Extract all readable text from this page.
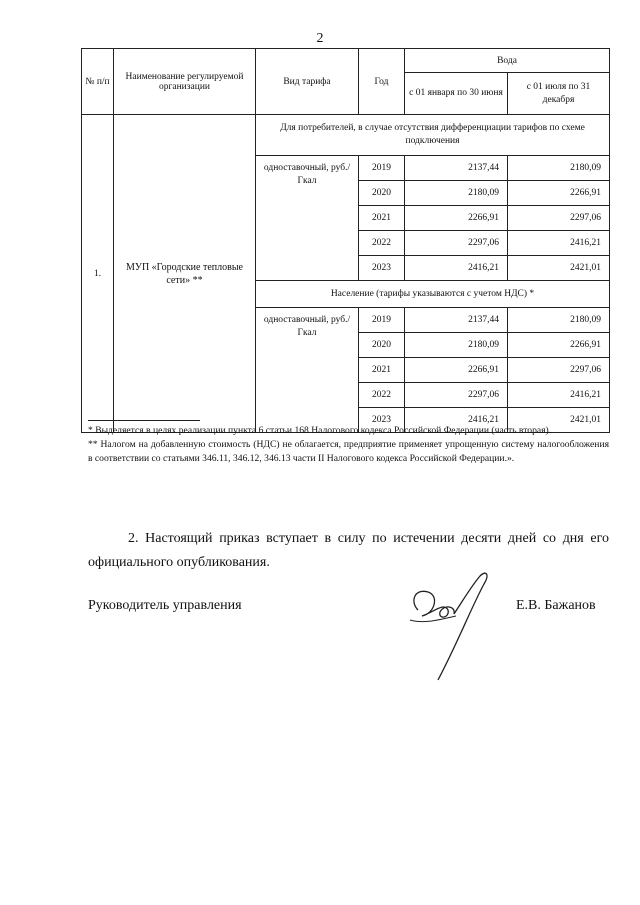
2
№ п/п	Наименование регулируемой организации	Вид тарифа	Год	Вода	
				с 01 января по 30 июня	с 01 июля по 31 декабря
1.	МУП «Городские тепловые сети» **	Для потребителей, в случае отсутствия дифференциации тарифов по схеме подключения			
		одноставочный, руб./Гкал	2019	2137,44	2180,09
			2020	2180,09	2266,91
			2021	2266,91	2297,06
			2022	2297,06	2416,21
			2023	2416,21	2421,01
		Население (тарифы указываются с учетом НДС) *			
		одноставочный, руб./Гкал	2019	2137,44	2180,09
			2020	2180,09	2266,91
			2021	2266,91	2297,06
			2022	2297,06	2416,21
			2023	2416,21	2421,01

* Выделяется в целях реализации пункта 6 статьи 168 Налогового кодекса Российской Федерации (часть вторая).

** Налогом на добавленную стоимость (НДС) не облагается, предприятие применяет упрощенную систему налогообложения в соответствии со статьями 346.11, 346.12, 346.13 части II Налогового кодекса Российской Федерации.».

2. Настоящий приказ вступает в силу по истечении десяти дней со дня его официального опубликования.
Руководитель управления	Е.В. Бажанов
